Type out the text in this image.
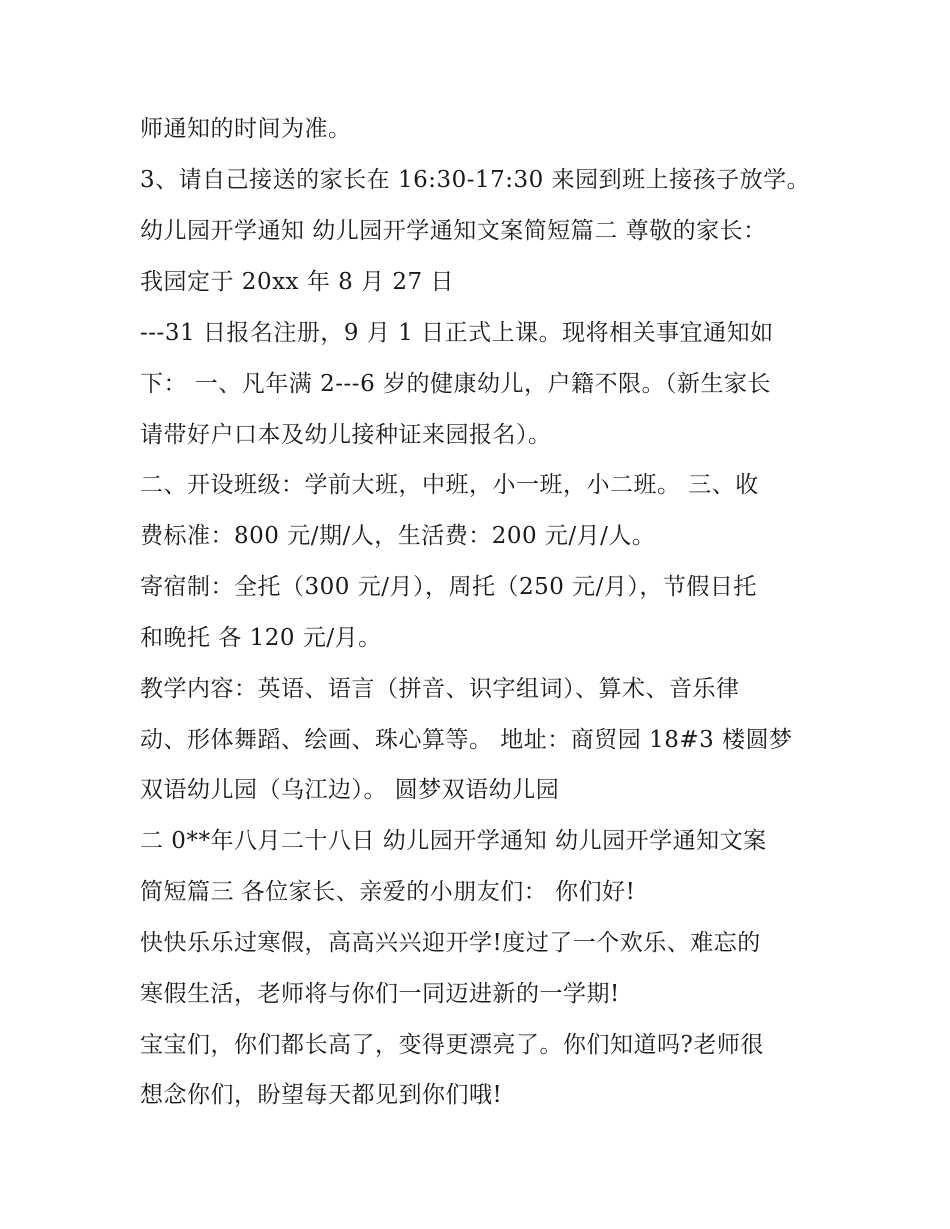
师通知的时间为准。
3、请自己接送的家长在 16:30-17:30 来园到班上接孩子放学。
幼儿园开学通知 幼儿园开学通知文案简短篇二 尊敬的家长：
我园定于 20xx 年 8 月 27 日
---31 日报名注册，9 月 1 日正式上课。现将相关事宜通知如
下： 一、凡年满 2---6 岁的健康幼儿，户籍不限。（新生家长
请带好户口本及幼儿接种证来园报名）。
二、开设班级：学前大班，中班，小一班，小二班。 三、收
费标准：800 元/期/人，生活费：200 元/月/人。
寄宿制：全托（300 元/月），周托（250 元/月），节假日托
和晚托 各 120 元/月。
教学内容：英语、语言（拼音、识字组词）、算术、音乐律
动、形体舞蹈、绘画、珠心算等。 地址：商贸园 18#3 楼圆梦
双语幼儿园（乌江边）。 圆梦双语幼儿园
二 0**年八月二十八日 幼儿园开学通知 幼儿园开学通知文案
简短篇三 各位家长、亲爱的小朋友们： 你们好!
快快乐乐过寒假，高高兴兴迎开学!度过了一个欢乐、难忘的
寒假生活，老师将与你们一同迈进新的一学期!
宝宝们，你们都长高了，变得更漂亮了。你们知道吗?老师很
想念你们，盼望每天都见到你们哦!
